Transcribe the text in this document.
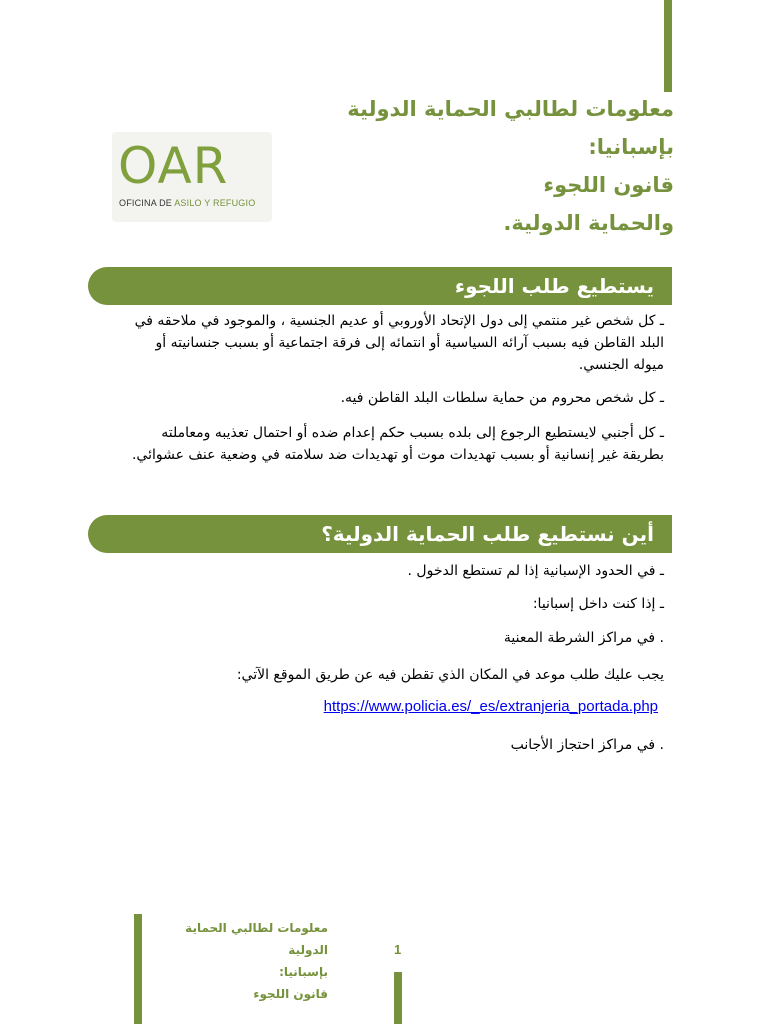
معلومات لطالبي الحماية الدولية
بإسبانيا:
قانون اللجوء
والحماية الدولية.
OAR
OFICINA DE ASILO Y REFUGIO
يستطيع طلب اللجوء
ـ كل شخص غير منتمي إلى دول الإتحاد الأوروبي أو عديم الجنسية ، والموجود في ملاحقه في البلد القاطن فيه بسبب آرائه السياسية أو انتمائه إلى فرقة اجتماعية أو بسبب جنسانيته أو ميوله الجنسي.
ـ كل شخص محروم من حماية سلطات البلد القاطن فيه.
ـ كل أجنبي لايستطيع الرجوع إلى بلده بسبب حكم إعدام ضده أو احتمال تعذيبه ومعاملته بطريقة غير إنسانية أو بسبب تهديدات موت أو تهديدات ضد سلامته في وضعية عنف عشوائي.
أين نستطيع طلب الحماية الدولية؟
ـ في الحدود الإسبانية إذا لم تستطع الدخول .
ـ إذا كنت داخل إسبانيا:
. في مراكز الشرطة المعنية
يجب عليك طلب موعد في المكان الذي تقطن فيه عن طريق الموقع الآتي:
https://www.policia.es/_es/extranjeria_portada.php
. في مراكز احتجاز الأجانب
معلومات لطالبي الحماية
الدولية
بإسبانيا:
قانون اللجوء
1
